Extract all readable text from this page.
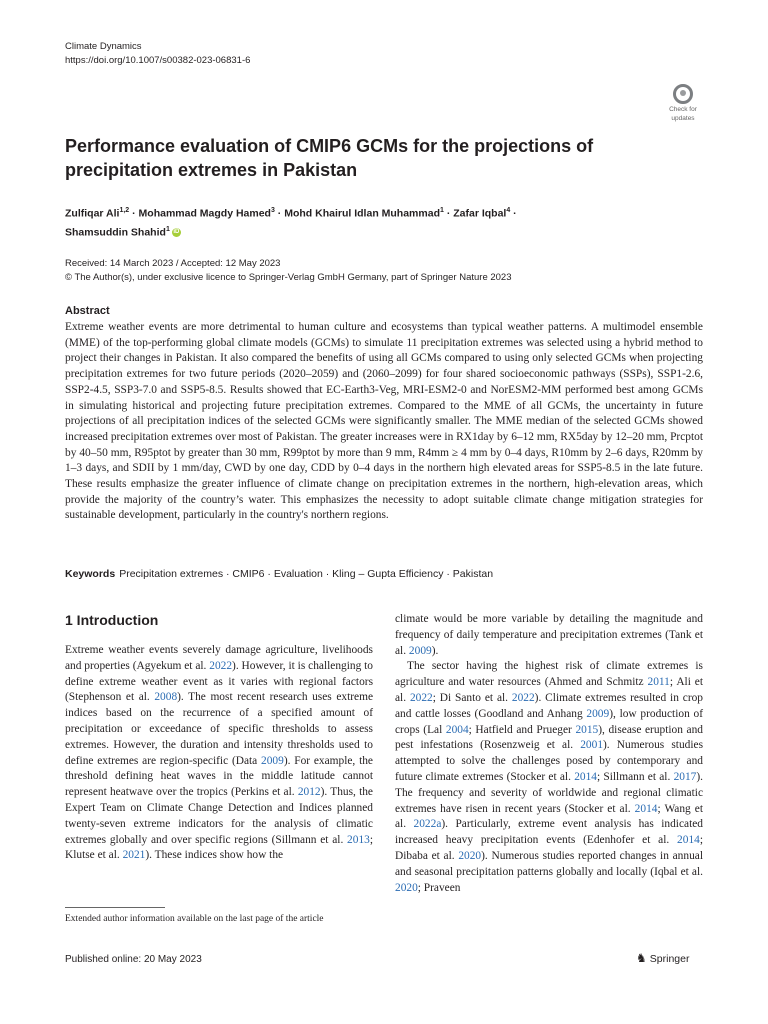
Climate Dynamics
https://doi.org/10.1007/s00382-023-06831-6
Check for
updates
Performance evaluation of CMIP6 GCMs for the projections of precipitation extremes in Pakistan
Zulfiqar Ali$^{1,2}$ · Mohammad Magdy Hamed$^3$ · Mohd Khairul Idlan Muhammad$^1$ · Zafar Iqbal$^4$ ·
Shamsuddin Shahid$^1$ iD
Received: 14 March 2023 / Accepted: 12 May 2023
© The Author(s), under exclusive licence to Springer-Verlag GmbH Germany, part of Springer Nature 2023
Abstract
Extreme weather events are more detrimental to human culture and ecosystems than typical weather patterns. A multimodel ensemble (MME) of the top-performing global climate models (GCMs) to simulate 11 precipitation extremes was selected using a hybrid method to project their changes in Pakistan. It also compared the benefits of using all GCMs compared to using only selected GCMs when projecting precipitation extremes for two future periods (2020–2059) and (2060–2099) for four shared socioeconomic pathways (SSPs), SSP1-2.6, SSP2-4.5, SSP3-7.0 and SSP5-8.5. Results showed that EC-Earth3-Veg, MRI-ESM2-0 and NorESM2-MM performed best among GCMs in simulating historical and projecting future precipitation extremes. Compared to the MME of all GCMs, the uncertainty in future projections of all precipitation indices of the selected GCMs were significantly smaller. The MME median of the selected GCMs showed increased precipitation extremes over most of Pakistan. The greater increases were in RX1day by 6–12 mm, RX5day by 12–20 mm, Prcptot by 40–50 mm, R95ptot by greater than 30 mm, R99ptot by more than 9 mm, R4mm ≥ 4 mm by 0–4 days, R10mm by 2–6 days, R20mm by 1–3 days, and SDII by 1 mm/day, CWD by one day, CDD by 0–4 days in the northern high elevated areas for SSP5-8.5 in the late future. These results emphasize the greater influence of climate change on precipitation extremes in the northern, high-elevation areas, which provide the majority of the country’s water. This emphasizes the necessity to adopt suitable climate change mitigation strategies for sustainable development, particularly in the country's northern regions.
Keywords Precipitation extremes · CMIP6 · Evaluation · Kling – Gupta Efficiency · Pakistan
1 Introduction
Extreme weather events severely damage agriculture, livelihoods and properties (Agyekum et al. 2022). However, it is challenging to define extreme weather event as it varies with regional factors (Stephenson et al. 2008). The most recent research uses extreme indices based on the recurrence of a specified amount of precipitation or exceedance of specific thresholds to assess extremes. However, the duration and intensity thresholds used to define extremes are region-specific (Data 2009). For example, the threshold defining heat waves in the middle latitude cannot represent heatwave over the tropics (Perkins et al. 2012). Thus, the Expert Team on Climate Change Detection and Indices planned twenty-seven extreme indicators for the analysis of climatic extremes globally and over specific regions (Sillmann et al. 2013; Klutse et al. 2021). These indices show how the

climate would be more variable by detailing the magnitude and frequency of daily temperature and precipitation extremes (Tank et al. 2009).

The sector having the highest risk of climate extremes is agriculture and water resources (Ahmed and Schmitz 2011; Ali et al. 2022; Di Santo et al. 2022). Climate extremes resulted in crop and cattle losses (Goodland and Anhang 2009), low production of crops (Lal 2004; Hatfield and Prueger 2015), disease eruption and pest infestations (Rosenzweig et al. 2001). Numerous studies attempted to solve the challenges posed by contemporary and future climate extremes (Stocker et al. 2014; Sillmann et al. 2017). The frequency and severity of worldwide and regional climatic extremes have risen in recent years (Stocker et al. 2014; Wang et al. 2022a). Particularly, extreme event analysis has indicated increased heavy precipitation events (Edenhofer et al. 2014; Dibaba et al. 2020). Numerous studies reported changes in annual and seasonal precipitation patterns globally and locally (Iqbal et al. 2020; Praveen

Extended author information available on the last page of the article
Published online: 20 May 2023	♞ Springer
